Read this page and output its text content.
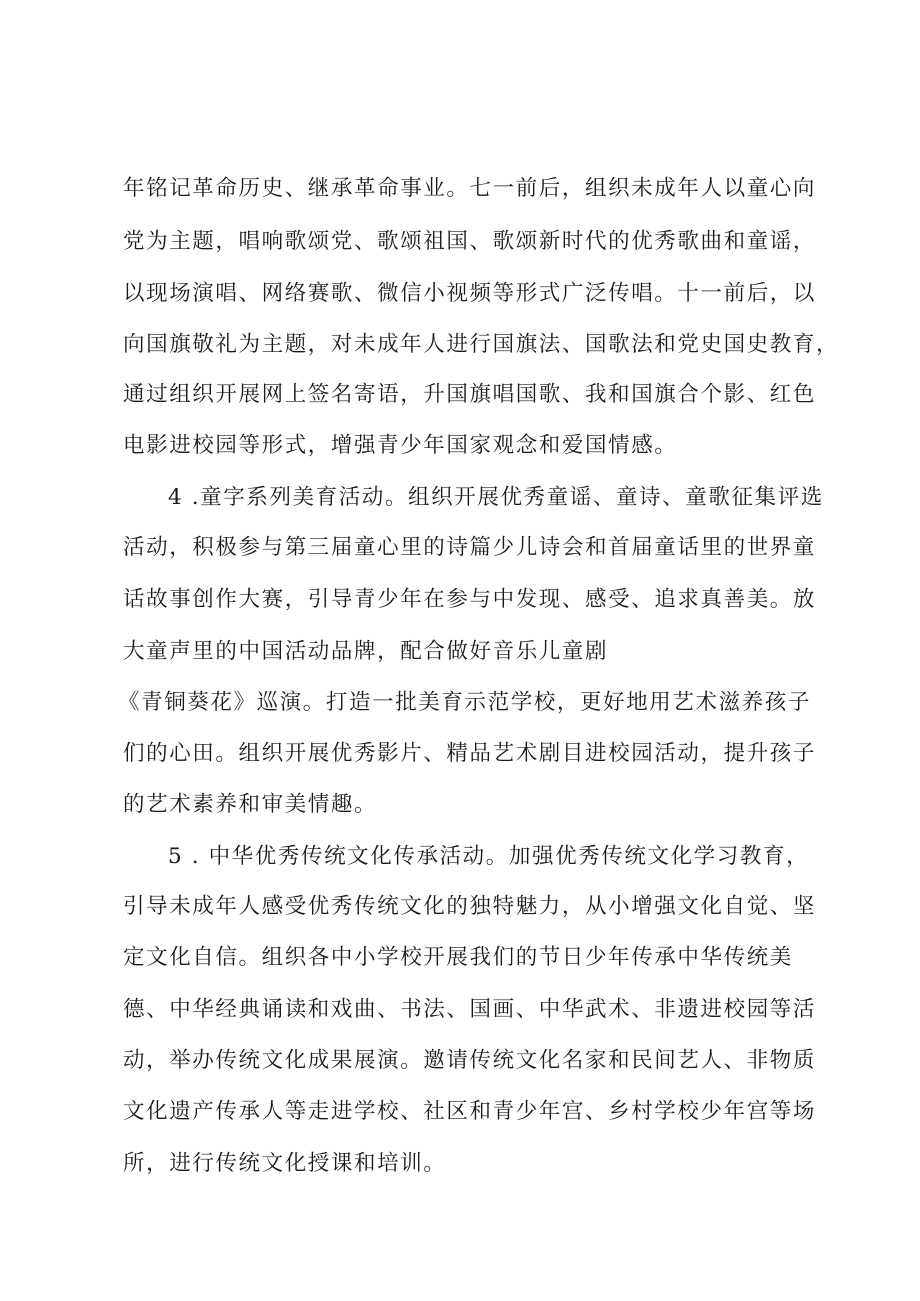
年铭记革命历史、继承革命事业。七一前后，组织未成年人以童心向
党为主题，唱响歌颂党、歌颂祖国、歌颂新时代的优秀歌曲和童谣，
以现场演唱、网络赛歌、微信小视频等形式广泛传唱。十一前后，以
向国旗敬礼为主题，对未成年人进行国旗法、国歌法和党史国史教育，
通过组织开展网上签名寄语，升国旗唱国歌、我和国旗合个影、红色
电影进校园等形式，增强青少年国家观念和爱国情感。
4 .童字系列美育活动。组织开展优秀童谣、童诗、童歌征集评选
活动，积极参与第三届童心里的诗篇少儿诗会和首届童话里的世界童
话故事创作大赛，引导青少年在参与中发现、感受、追求真善美。放
大童声里的中国活动品牌，配合做好音乐儿童剧
《青铜葵花》巡演。打造一批美育示范学校，更好地用艺术滋养孩子
们的心田。组织开展优秀影片、精品艺术剧目进校园活动，提升孩子
的艺术素养和审美情趣。
5 . 中华优秀传统文化传承活动。加强优秀传统文化学习教育，
引导未成年人感受优秀传统文化的独特魅力，从小增强文化自觉、坚
定文化自信。组织各中小学校开展我们的节日少年传承中华传统美
德、中华经典诵读和戏曲、书法、国画、中华武术、非遗进校园等活
动，举办传统文化成果展演。邀请传统文化名家和民间艺人、非物质
文化遗产传承人等走进学校、社区和青少年宫、乡村学校少年宫等场
所，进行传统文化授课和培训。
